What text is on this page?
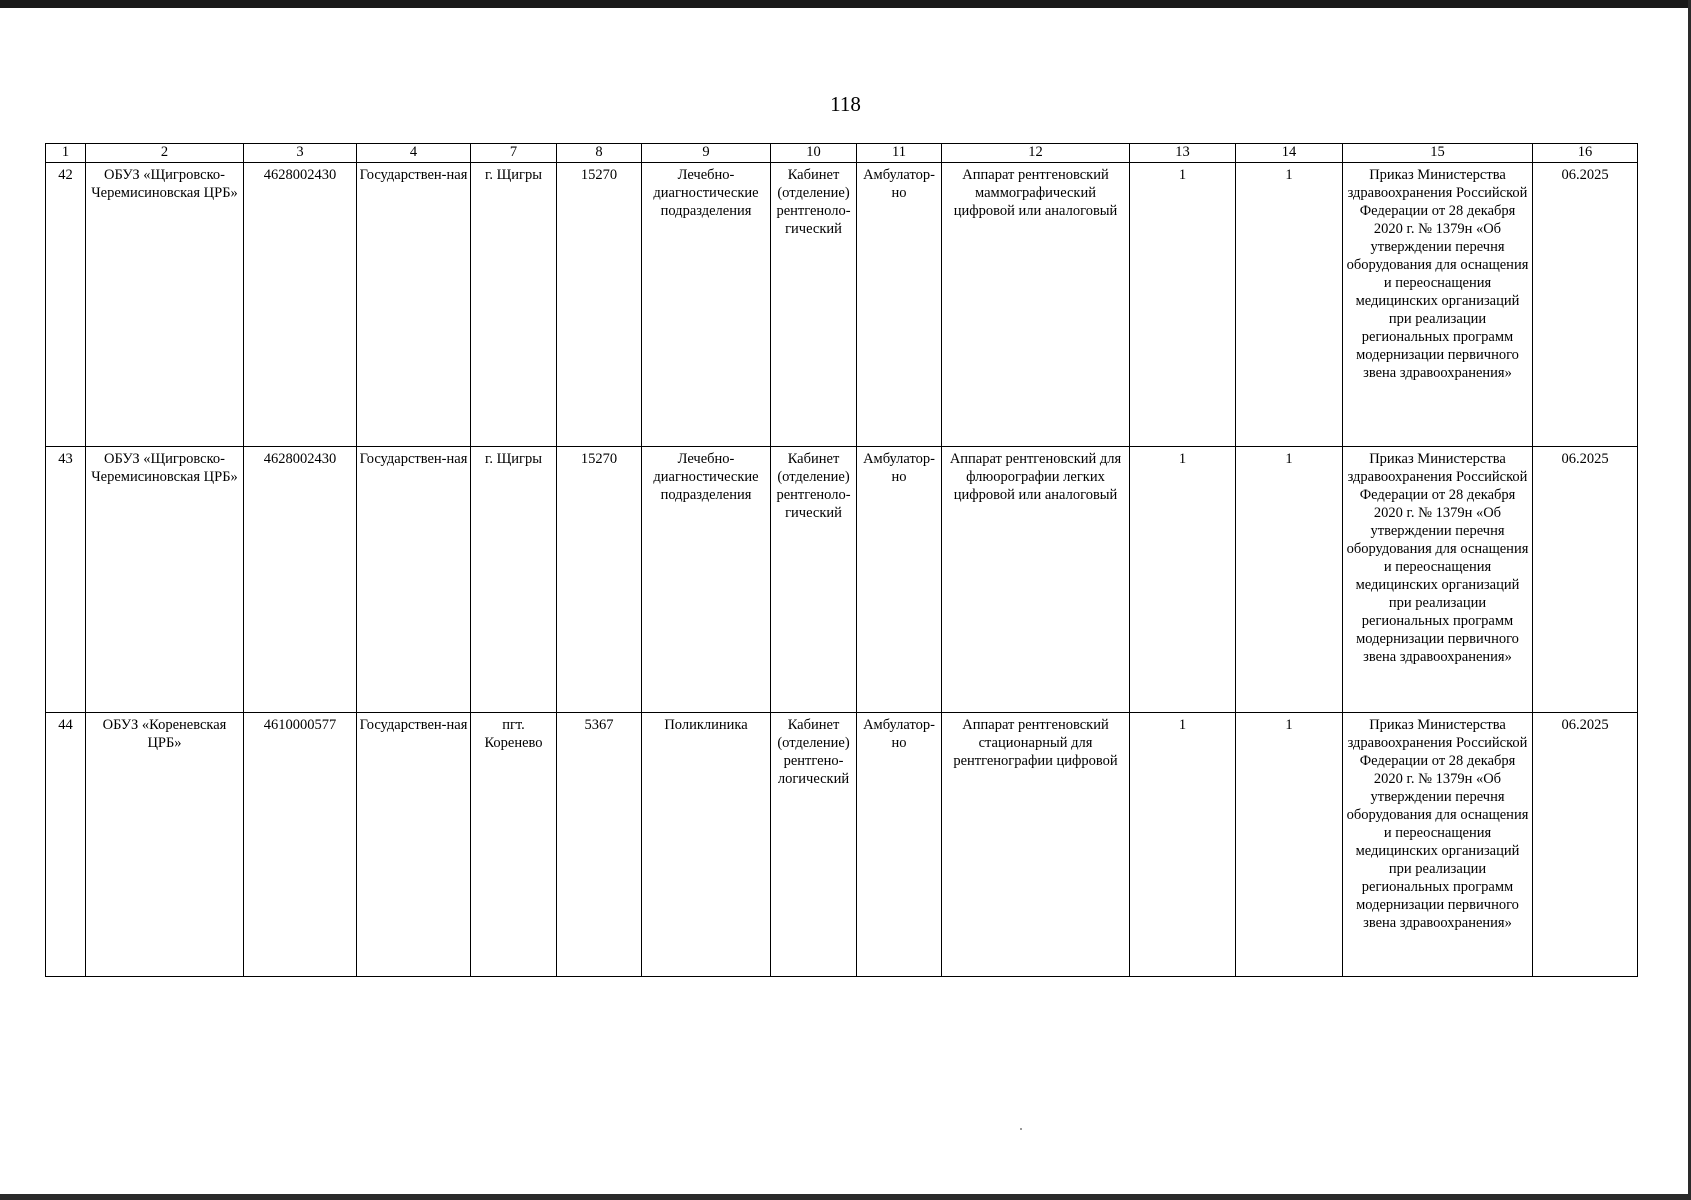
118
1	2	3	4	7	8	9	10	11	12	13	14	15	16
42	ОБУЗ «Щигровско-Черемисиновская ЦРБ»	4628002430	Государствен-ная	г. Щигры	15270	Лечебно-диагностические подразделения	Кабинет (отделение) рентгеноло-гический	Амбулатор-но	Аппарат рентгеновский маммографический цифровой или аналоговый	1	1	Приказ Министерства здравоохранения Российской Федерации от 28 декабря 2020 г. № 1379н «Об утверждении перечня оборудования для оснащения и переоснащения медицинских организаций при реализации региональных программ модернизации первичного звена здравоохранения»	06.2025
43	ОБУЗ «Щигровско-Черемисиновская ЦРБ»	4628002430	Государствен-ная	г. Щигры	15270	Лечебно-диагностические подразделения	Кабинет (отделение) рентгеноло-гический	Амбулатор-но	Аппарат рентгеновский для флюорографии легких цифровой или аналоговый	1	1	Приказ Министерства здравоохранения Российской Федерации от 28 декабря 2020 г. № 1379н «Об утверждении перечня оборудования для оснащения и переоснащения медицинских организаций при реализации региональных программ модернизации первичного звена здравоохранения»	06.2025
44	ОБУЗ «Кореневская ЦРБ»	4610000577	Государствен-ная	пгт. Коренево	5367	Поликлиника	Кабинет (отделение) рентгено-логический	Амбулатор-но	Аппарат рентгеновский стационарный для рентгенографии цифровой	1	1	Приказ Министерства здравоохранения Российской Федерации от 28 декабря 2020 г. № 1379н «Об утверждении перечня оборудования для оснащения и переоснащения медицинских организаций при реализации региональных программ модернизации первичного звена здравоохранения»	06.2025
